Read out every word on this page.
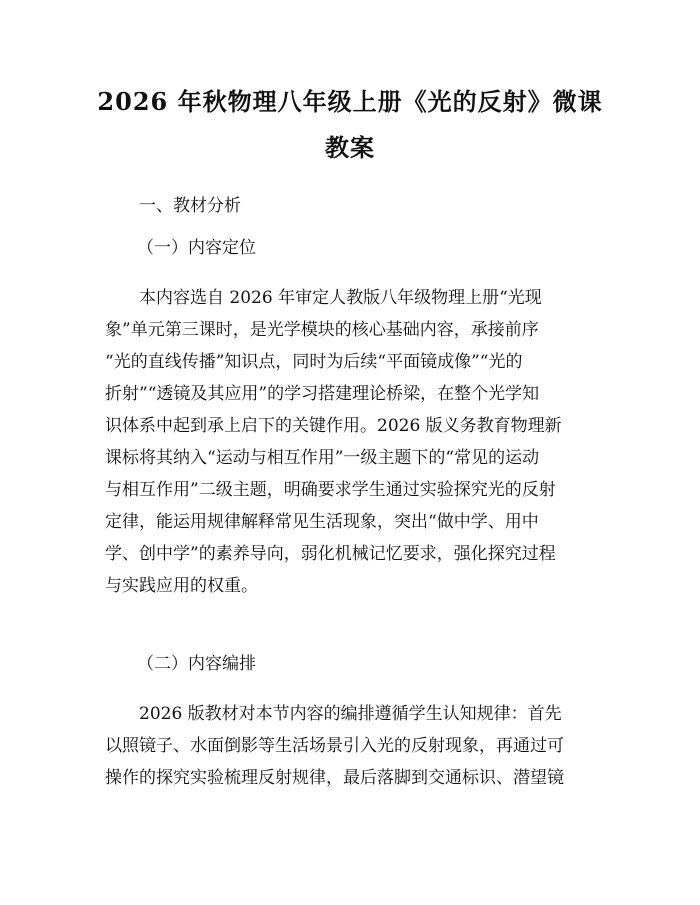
2026 年秋物理八年级上册《光的反射》微课
教案
一、教材分析
（一）内容定位
　　本内容选自 2026 年审定人教版八年级物理上册“光现
象”单元第三课时，是光学模块的核心基础内容，承接前序
“光的直线传播”知识点，同时为后续“平面镜成像”“光的
折射”“透镜及其应用”的学习搭建理论桥梁，在整个光学知
识体系中起到承上启下的关键作用。2026 版义务教育物理新
课标将其纳入“运动与相互作用”一级主题下的“常见的运动
与相互作用”二级主题，明确要求学生通过实验探究光的反射
定律，能运用规律解释常见生活现象，突出“做中学、用中
学、创中学”的素养导向，弱化机械记忆要求，强化探究过程
与实践应用的权重。
（二）内容编排
　　2026 版教材对本节内容的编排遵循学生认知规律：首先
以照镜子、水面倒影等生活场景引入光的反射现象，再通过可
操作的探究实验梳理反射规律，最后落脚到交通标识、潜望镜
